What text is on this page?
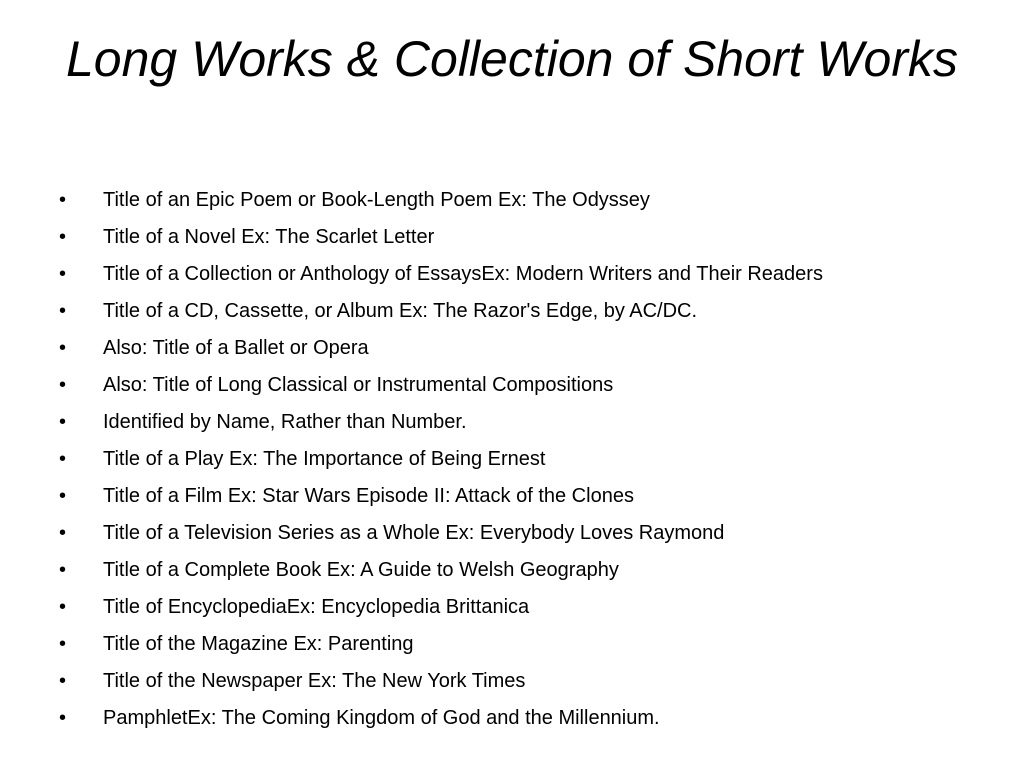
Long Works & Collection of Short Works
•	Title of an Epic Poem or Book-Length Poem Ex: The Odyssey
•	Title of a Novel Ex: The Scarlet Letter
•	Title of a Collection or Anthology of EssaysEx: Modern Writers and Their Readers
•	Title of a CD, Cassette, or Album Ex: The Razor's Edge, by AC/DC.
•	Also: Title of a Ballet or Opera
•	Also: Title of Long Classical or Instrumental Compositions
•	Identified by Name, Rather than Number.
•	Title of a Play Ex: The Importance of Being Ernest
•	Title of a Film Ex: Star Wars Episode II: Attack of the Clones
•	Title of a Television Series as a Whole Ex: Everybody Loves Raymond
•	Title of a Complete Book Ex: A Guide to Welsh Geography
•	Title of EncyclopediaEx: Encyclopedia Brittanica
•	Title of the Magazine Ex: Parenting
•	Title of the Newspaper Ex: The New York Times
•	PamphletEx: The Coming Kingdom of God and the Millennium.
